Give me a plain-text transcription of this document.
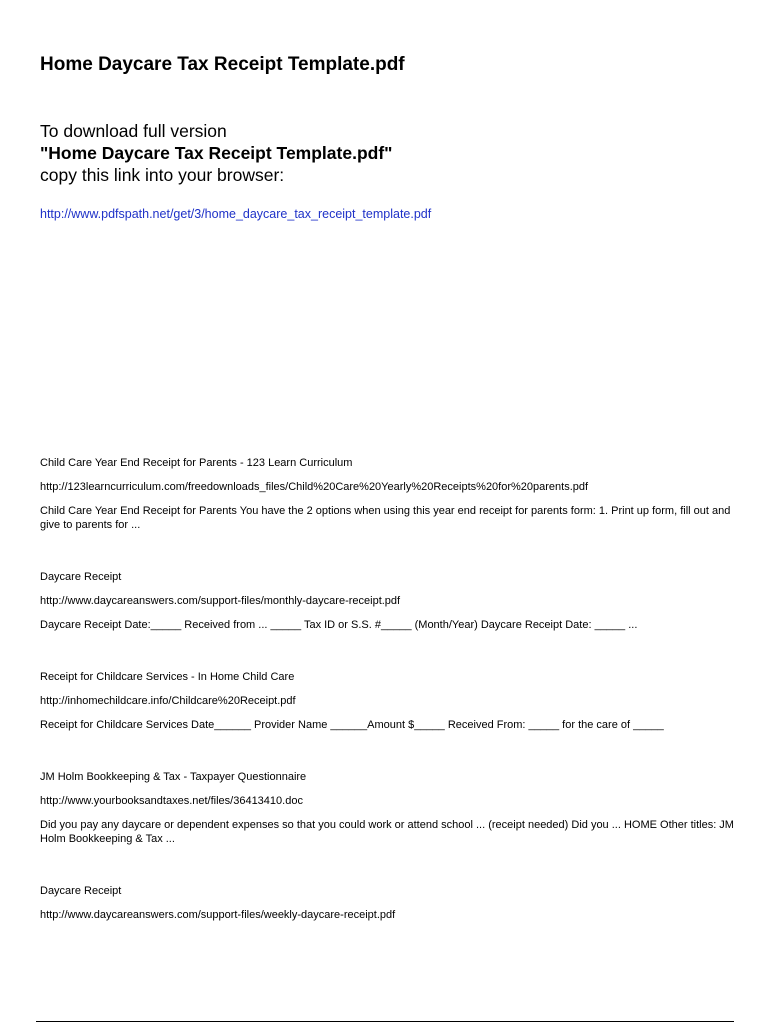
Home Daycare Tax Receipt Template.pdf
To download full version
"Home Daycare Tax Receipt Template.pdf"
copy this link into your browser:
http://www.pdfspath.net/get/3/home_daycare_tax_receipt_template.pdf
Child Care Year End Receipt for Parents - 123 Learn Curriculum
http://123learncurriculum.com/freedownloads_files/Child%20Care%20Yearly%20Receipts%20for%20parents.pdf
Child Care Year End Receipt for Parents You have the 2 options when using this year end receipt for parents form: 1. Print up form, fill out and give to parents for ...
Daycare Receipt
http://www.daycareanswers.com/support-files/monthly-daycare-receipt.pdf
Daycare Receipt Date:_____ Received from ... _____ Tax ID or S.S. #_____ (Month/Year) Daycare Receipt Date: _____ ...
Receipt for Childcare Services - In Home Child Care
http://inhomechildcare.info/Childcare%20Receipt.pdf
Receipt for Childcare Services Date______ Provider Name ______Amount $_____ Received From: _____ for the care of _____
JM Holm Bookkeeping & Tax - Taxpayer Questionnaire
http://www.yourbooksandtaxes.net/files/36413410.doc
Did you pay any daycare or dependent expenses so that you could work or attend school ... (receipt needed) Did you ... HOME Other titles: JM Holm Bookkeeping & Tax ...
Daycare Receipt
http://www.daycareanswers.com/support-files/weekly-daycare-receipt.pdf
